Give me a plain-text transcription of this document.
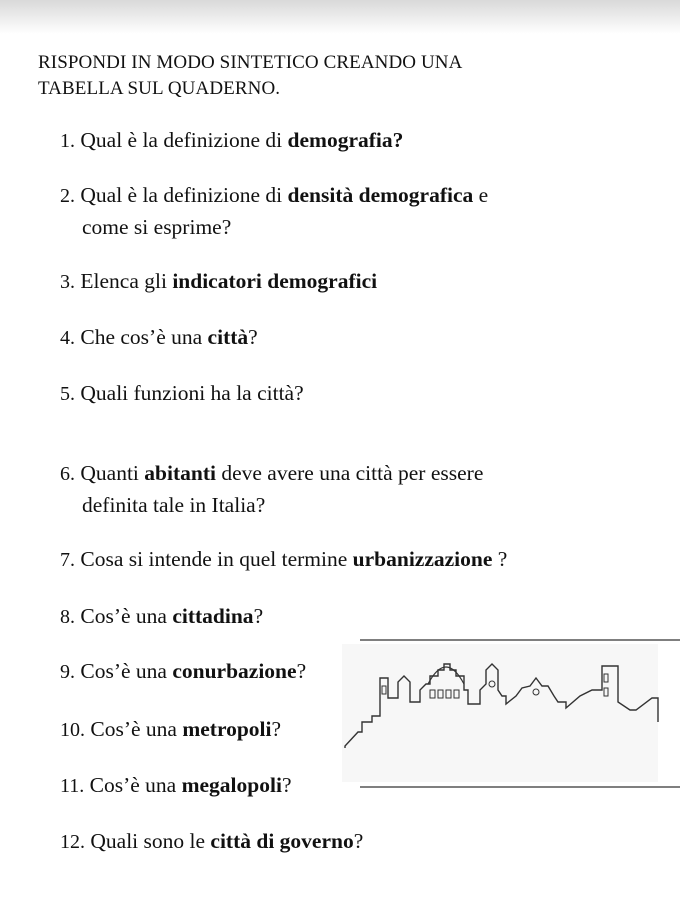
RISPONDI IN MODO SINTETICO CREANDO UNA
TABELLA SUL QUADERNO.
1. Qual è la definizione di demografia?
2. Qual è la definizione di densità demografica e
come si esprime?
3. Elenca gli indicatori demografici
4. Che cos’è una città?
5. Quali funzioni ha la città?
6. Quanti abitanti deve avere una città per essere
definita tale in Italia?
7. Cosa si intende in quel termine urbanizzazione ?
8. Cos’è una cittadina?
9. Cos’è una conurbazione?
10. Cos’è una metropoli?
11. Cos’è una megalopoli?
12. Quali sono le città di governo?
